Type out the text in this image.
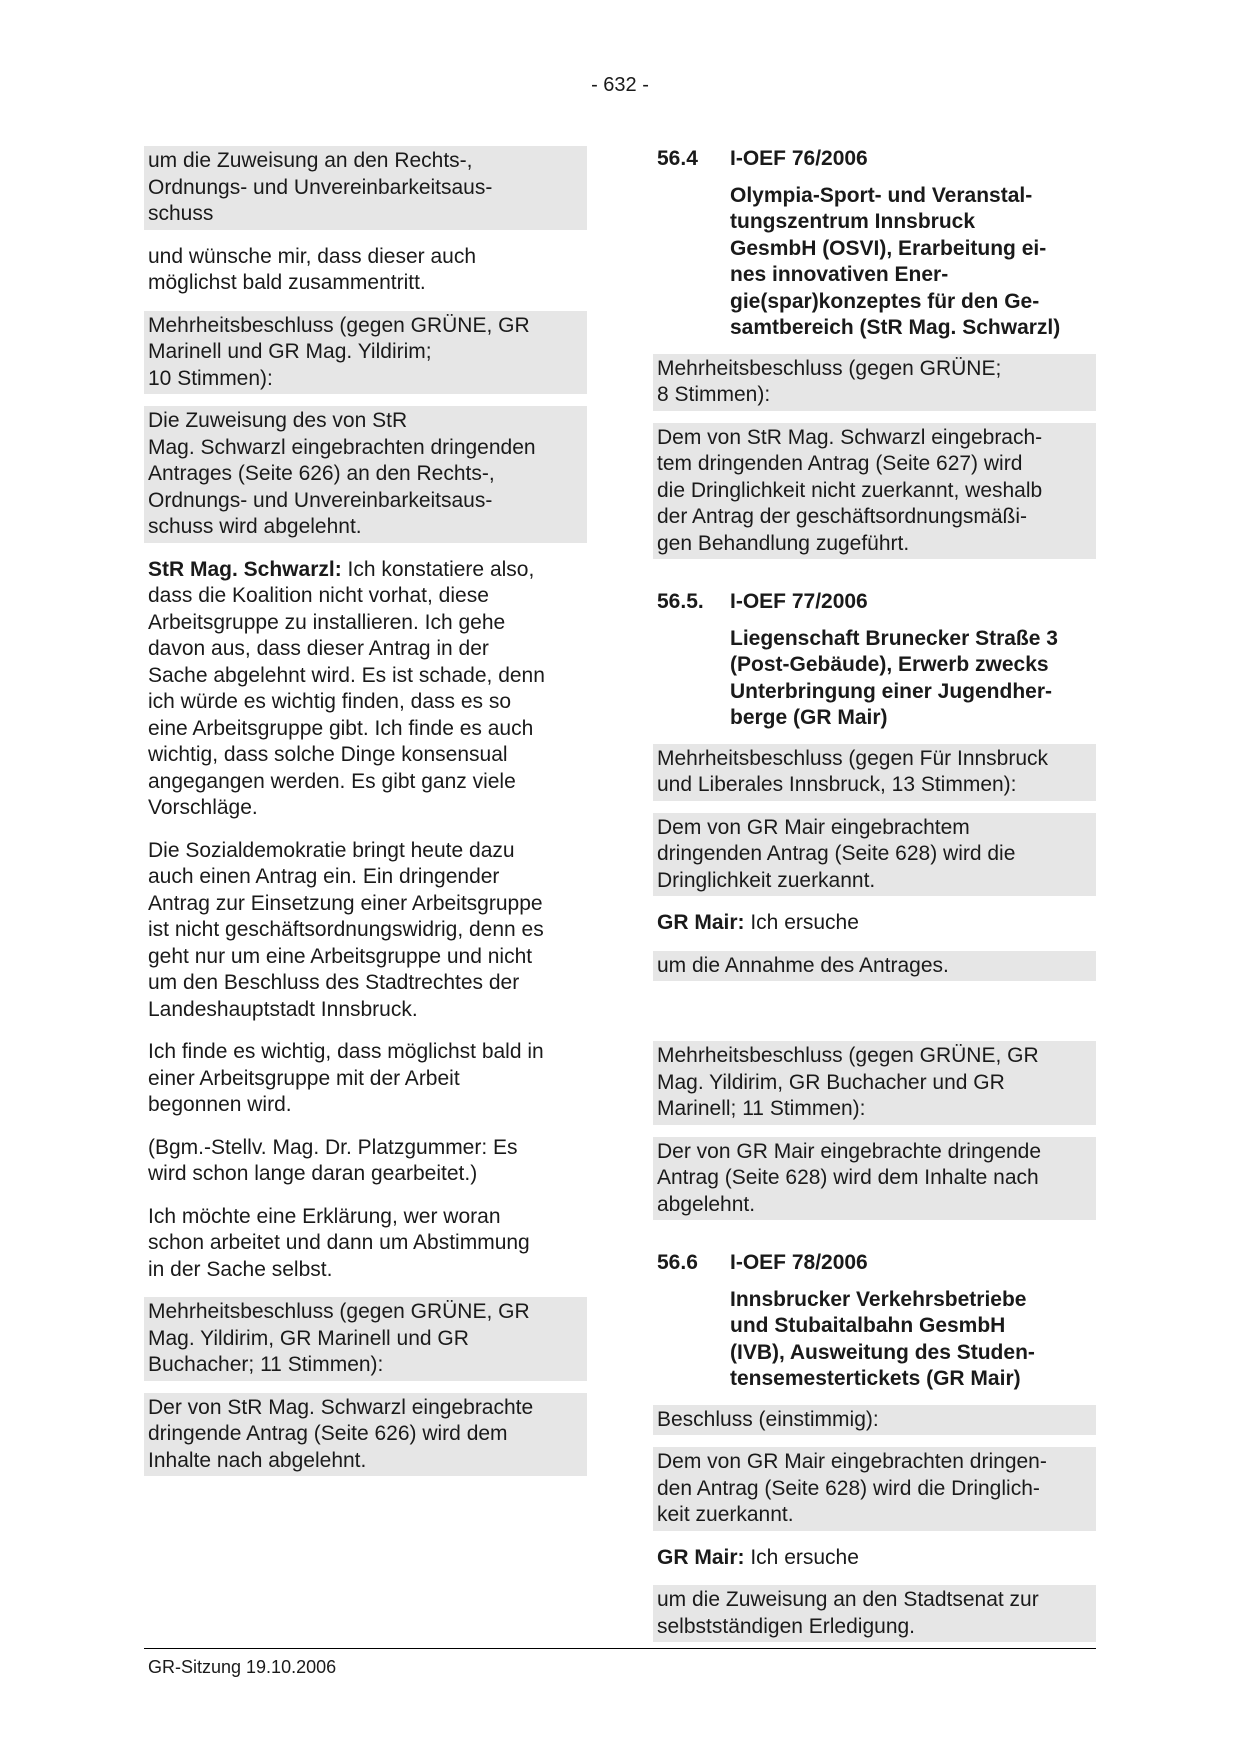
- 632 -
um die Zuweisung an den Rechts-,
Ordnungs- und Unvereinbarkeitsaus-
schuss
und wünsche mir, dass dieser auch
möglichst bald zusammentritt.
Mehrheitsbeschluss (gegen GRÜNE, GR
Marinell und GR Mag. Yildirim;
10 Stimmen):
Die Zuweisung des von StR
Mag. Schwarzl eingebrachten dringenden
Antrages (Seite 626) an den Rechts-,
Ordnungs- und Unvereinbarkeitsaus-
schuss wird abgelehnt.
StR Mag. Schwarzl: Ich konstatiere also,
dass die Koalition nicht vorhat, diese
Arbeitsgruppe zu installieren. Ich gehe
davon aus, dass dieser Antrag in der
Sache abgelehnt wird. Es ist schade, denn
ich würde es wichtig finden, dass es so
eine Arbeitsgruppe gibt. Ich finde es auch
wichtig, dass solche Dinge konsensual
angegangen werden. Es gibt ganz viele
Vorschläge.
Die Sozialdemokratie bringt heute dazu
auch einen Antrag ein. Ein dringender
Antrag zur Einsetzung einer Arbeitsgruppe
ist nicht geschäftsordnungswidrig, denn es
geht nur um eine Arbeitsgruppe und nicht
um den Beschluss des Stadtrechtes der
Landeshauptstadt Innsbruck.
Ich finde es wichtig, dass möglichst bald in
einer Arbeitsgruppe mit der Arbeit
begonnen wird.
(Bgm.-Stellv. Mag. Dr. Platzgummer: Es
wird schon lange daran gearbeitet.)
Ich möchte eine Erklärung, wer woran
schon arbeitet und dann um Abstimmung
in der Sache selbst.
Mehrheitsbeschluss (gegen GRÜNE, GR
Mag. Yildirim, GR Marinell und GR
Buchacher; 11 Stimmen):
Der von StR Mag. Schwarzl eingebrachte
dringende Antrag (Seite 626) wird dem
Inhalte nach abgelehnt.
56.4 I-OEF 76/2006
Olympia-Sport- und Veranstal-
tungszentrum Innsbruck
GesmbH (OSVI), Erarbeitung ei-
nes innovativen Ener-
gie(spar)konzeptes für den Ge-
samtbereich (StR Mag. Schwarzl)
Mehrheitsbeschluss (gegen GRÜNE;
8 Stimmen):
Dem von StR Mag. Schwarzl eingebrach-
tem dringenden Antrag (Seite 627) wird
die Dringlichkeit nicht zuerkannt, weshalb
der Antrag der geschäftsordnungsmäßi-
gen Behandlung zugeführt.
56.5. I-OEF 77/2006
Liegenschaft Brunecker Straße 3
(Post-Gebäude), Erwerb zwecks
Unterbringung einer Jugendher-
berge (GR Mair)
Mehrheitsbeschluss (gegen Für Innsbruck
und Liberales Innsbruck, 13 Stimmen):
Dem von GR Mair eingebrachtem
dringenden Antrag (Seite 628) wird die
Dringlichkeit zuerkannt.
GR Mair: Ich ersuche
um die Annahme des Antrages.
Mehrheitsbeschluss (gegen GRÜNE, GR
Mag. Yildirim, GR Buchacher und GR
Marinell; 11 Stimmen):
Der von GR Mair eingebrachte dringende
Antrag (Seite 628) wird dem Inhalte nach
abgelehnt.
56.6 I-OEF 78/2006
Innsbrucker Verkehrsbetriebe
und Stubaitalbahn GesmbH
(IVB), Ausweitung des Studen-
tensemestertickets (GR Mair)
Beschluss (einstimmig):
Dem von GR Mair eingebrachten dringen-
den Antrag (Seite 628) wird die Dringlich-
keit zuerkannt.
GR Mair: Ich ersuche
um die Zuweisung an den Stadtsenat zur
selbstständigen Erledigung.
GR-Sitzung 19.10.2006
